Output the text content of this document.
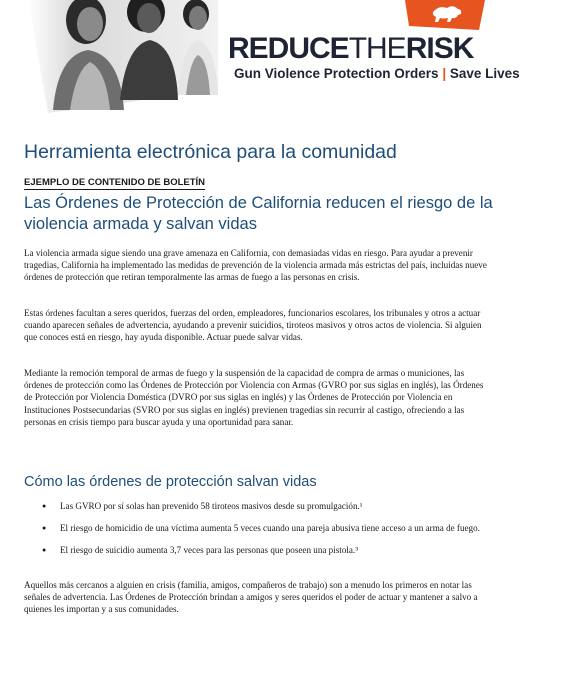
REDUCETHERISK
Gun Violence Protection Orders | Save Lives
Herramienta electrónica para la comunidad
EJEMPLO DE CONTENIDO DE BOLETÍN
Las Órdenes de Protección de California reducen el riesgo de la violencia armada y salvan vidas

La violencia armada sigue siendo una grave amenaza en California, con demasiadas vidas en riesgo. Para ayudar a prevenir tragedias, California ha implementado las medidas de prevención de la violencia armada más estrictas del país, incluidas nueve órdenes de protección que retiran temporalmente las armas de fuego a las personas en crisis.

Estas órdenes facultan a seres queridos, fuerzas del orden, empleadores, funcionarios escolares, los tribunales y otros a actuar cuando aparecen señales de advertencia, ayudando a prevenir suicidios, tiroteos masivos y otros actos de violencia. Si alguien que conoces está en riesgo, hay ayuda disponible. Actuar puede salvar vidas.

Mediante la remoción temporal de armas de fuego y la suspensión de la capacidad de compra de armas o municiones, las órdenes de protección como las Órdenes de Protección por Violencia con Armas (GVRO por sus siglas en inglés), las Órdenes de Protección por Violencia Doméstica (DVRO por sus siglas en inglés) y las Órdenes de Protección por Violencia en Instituciones Postsecundarias (SVRO por sus siglas en inglés) previenen tragedias sin recurrir al castigo, ofreciendo a las personas en crisis tiempo para buscar ayuda y una oportunidad para sanar.

Cómo las órdenes de protección salvan vidas
● Las GVRO por sí solas han prevenido 58 tiroteos masivos desde su promulgación.¹
● El riesgo de homicidio de una víctima aumenta 5 veces cuando una pareja abusiva tiene acceso a un arma de fuego.
● El riesgo de suicidio aumenta 3,7 veces para las personas que poseen una pistola.³

Aquellos más cercanos a alguien en crisis (familia, amigos, compañeros de trabajo) son a menudo los primeros en notar las señales de advertencia. Las Órdenes de Protección brindan a amigos y seres queridos el poder de actuar y mantener a salvo a quienes les importan y a sus comunidades.
